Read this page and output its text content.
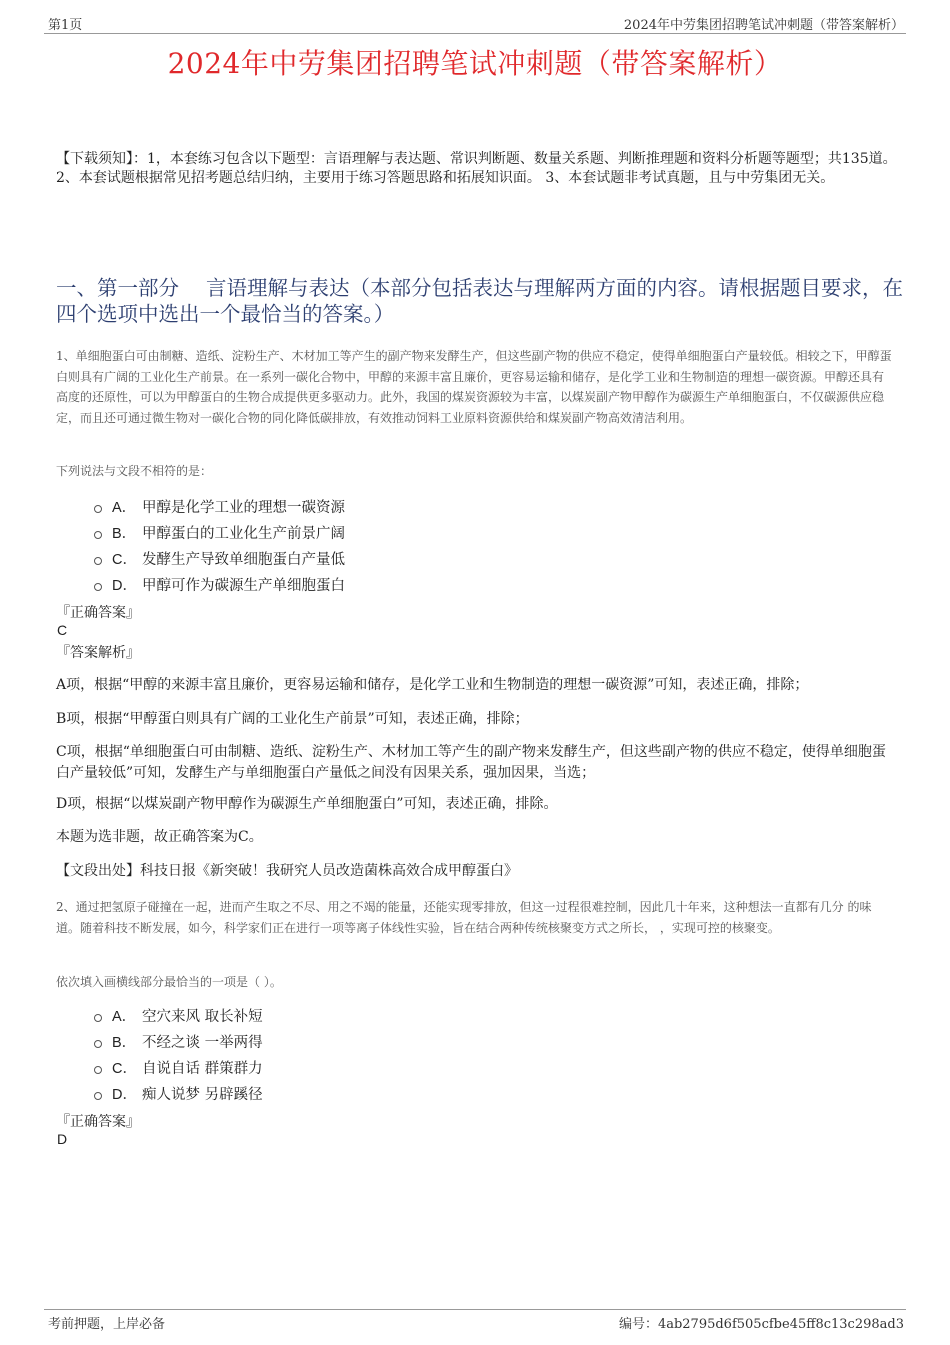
第1页	2024年中劳集团招聘笔试冲刺题（带答案解析）
2024年中劳集团招聘笔试冲刺题（带答案解析）
【下载须知】：1，本套练习包含以下题型：言语理解与表达题、常识判断题、数量关系题、判断推理题和资料分析题等题型；共135道。 2、本套试题根据常见招考题总结归纳，主要用于练习答题思路和拓展知识面。 3、本套试题非考试真题，且与中劳集团无关。
一、第一部分　 言语理解与表达（本部分包括表达与理解两方面的内容。请根据题目要求，在四个选项中选出一个最恰当的答案。）
1、单细胞蛋白可由制糖、造纸、淀粉生产、木材加工等产生的副产物来发酵生产，但这些副产物的供应不稳定，使得单细胞蛋白产量较低。相较之下，甲醇蛋白则具有广阔的工业化生产前景。在一系列一碳化合物中，甲醇的来源丰富且廉价，更容易运输和储存，是化学工业和生物制造的理想一碳资源。甲醇还具有高度的还原性，可以为甲醇蛋白的生物合成提供更多驱动力。此外，我国的煤炭资源较为丰富，以煤炭副产物甲醇作为碳源生产单细胞蛋白，不仅碳源供应稳定，而且还可通过微生物对一碳化合物的同化降低碳排放，有效推动饲料工业原料资源供给和煤炭副产物高效清洁利用。
下列说法与文段不相符的是：
A． 甲醇是化学工业的理想一碳资源
B． 甲醇蛋白的工业化生产前景广阔
C． 发酵生产导致单细胞蛋白产量低
D． 甲醇可作为碳源生产单细胞蛋白
『正确答案』
C
『答案解析』
A项，根据“甲醇的来源丰富且廉价，更容易运输和储存，是化学工业和生物制造的理想一碳资源”可知，表述正确，排除；
B项，根据“甲醇蛋白则具有广阔的工业化生产前景”可知，表述正确，排除；
C项，根据“单细胞蛋白可由制糖、造纸、淀粉生产、木材加工等产生的副产物来发酵生产，但这些副产物的供应不稳定，使得单细胞蛋白产量较低”可知，发酵生产与单细胞蛋白产量低之间没有因果关系，强加因果，当选；
D项，根据“以煤炭副产物甲醇作为碳源生产单细胞蛋白”可知，表述正确，排除。
本题为选非题，故正确答案为C。
【文段出处】科技日报《新突破！我研究人员改造菌株高效合成甲醇蛋白》
2、通过把氢原子碰撞在一起，进而产生取之不尽、用之不竭的能量，还能实现零排放，但这一过程很难控制，因此几十年来，这种想法一直都有几分 的味道。随着科技不断发展，如今，科学家们正在进行一项等离子体线性实验，旨在结合两种传统核聚变方式之所长， ，实现可控的核聚变。
依次填入画横线部分最恰当的一项是（ ）。
A． 空穴来风 取长补短
B． 不经之谈 一举两得
C． 自说自话 群策群力
D． 痴人说梦 另辟蹊径
『正确答案』
D
考前押题，上岸必备	编号：4ab2795d6f505cfbe45ff8c13c298ad3
